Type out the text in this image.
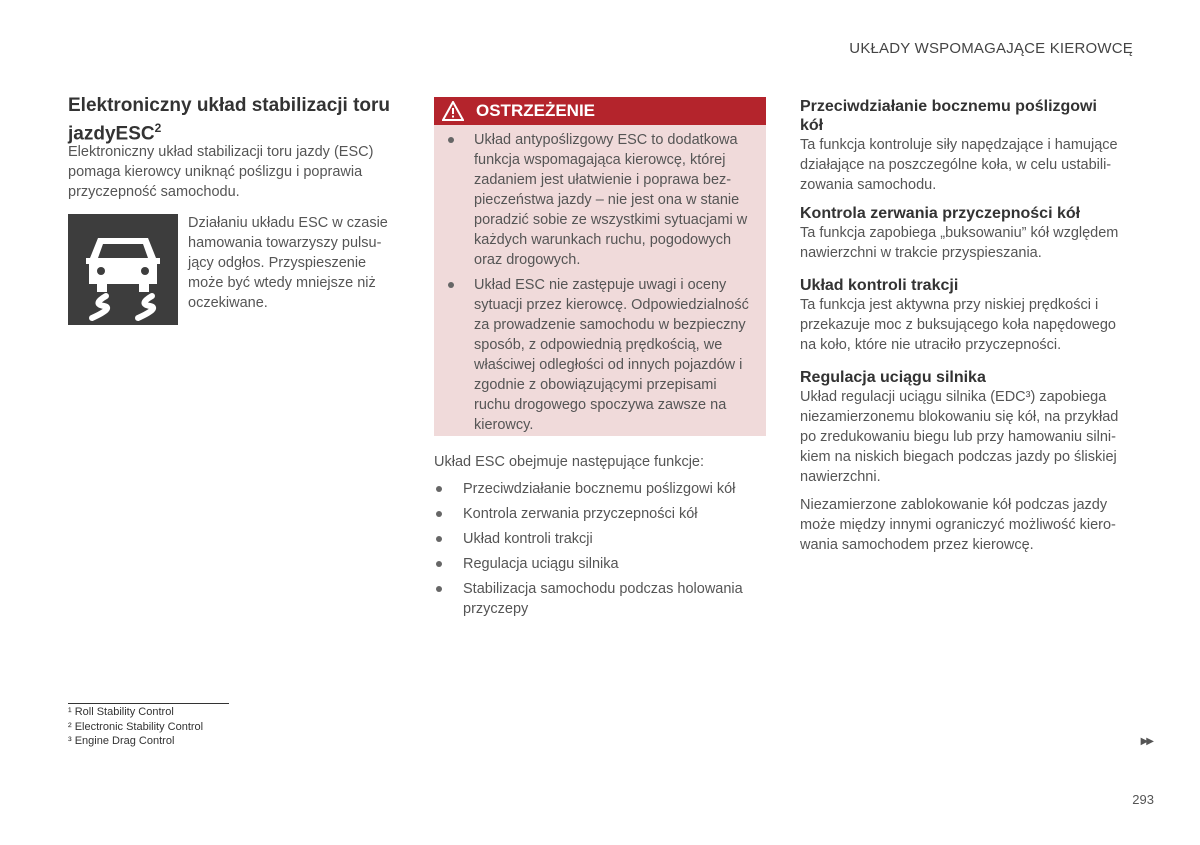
UKŁADY WSPOMAGAJĄCE KIEROWCĘ
Elektroniczny układ stabilizacji toru
jazdyESC$^2$
Elektroniczny układ stabilizacji toru jazdy (ESC)
pomaga kierowcy uniknąć poślizgu i poprawia
przyczepność samochodu.
Działaniu układu ESC w czasie
hamowania towarzyszy pulsu-
jący odgłos. Przyspieszenie
może być wtedy mniejsze niż
oczekiwane.
OSTRZEŻENIE
Układ antypoślizgowy ESC to dodatkowa
funkcja wspomagająca kierowcę, której
zadaniem jest ułatwienie i poprawa bez-
pieczeństwa jazdy – nie jest ona w stanie
poradzić sobie ze wszystkimi sytuacjami w
każdych warunkach ruchu, pogodowych
oraz drogowych.
Układ ESC nie zastępuje uwagi i oceny
sytuacji przez kierowcę. Odpowiedzialność
za prowadzenie samochodu w bezpieczny
sposób, z odpowiednią prędkością, we
właściwej odległości od innych pojazdów i
zgodnie z obowiązującymi przepisami
ruchu drogowego spoczywa zawsze na
kierowcy.
Układ ESC obejmuje następujące funkcje:
Przeciwdziałanie bocznemu poślizgowi kół
Kontrola zerwania przyczepności kół
Układ kontroli trakcji
Regulacja uciągu silnika
Stabilizacja samochodu podczas holowania
przyczepy
Przeciwdziałanie bocznemu poślizgowi
kół
Ta funkcja kontroluje siły napędzające i hamujące
działające na poszczególne koła, w celu ustabili-
zowania samochodu.
Kontrola zerwania przyczepności kół
Ta funkcja zapobiega „buksowaniu” kół względem
nawierzchni w trakcie przyspieszania.
Układ kontroli trakcji
Ta funkcja jest aktywna przy niskiej prędkości i
przekazuje moc z buksującego koła napędowego
na koło, które nie utraciło przyczepności.
Regulacja uciągu silnika
Układ regulacji uciągu silnika (EDC³) zapobiega
niezamierzonemu blokowaniu się kół, na przykład
po zredukowaniu biegu lub przy hamowaniu silni-
kiem na niskich biegach podczas jazdy po śliskiej
nawierzchni.
Niezamierzone zablokowanie kół podczas jazdy
może między innymi ograniczyć możliwość kiero-
wania samochodem przez kierowcę.
¹ Roll Stability Control
² Electronic Stability Control
³ Engine Drag Control	▶▶
293
